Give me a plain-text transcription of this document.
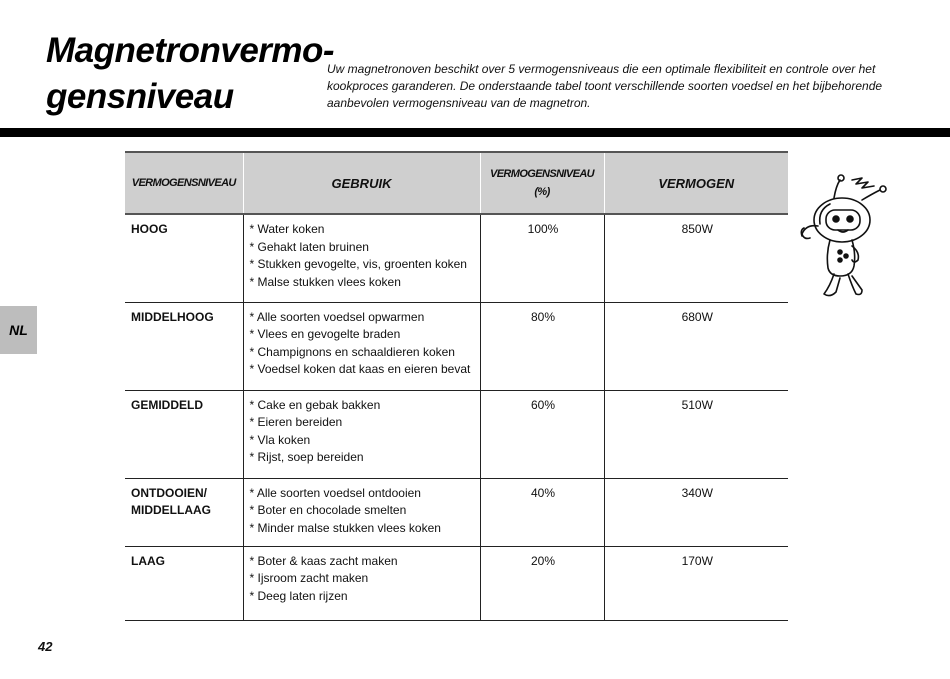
Magnetronvermo-
gensniveau
Uw magnetronoven beschikt over 5 vermogensniveaus die een optimale flexibiliteit en controle over het kookproces garanderen. De onderstaande tabel toont verschillende soorten voedsel en het bijbehorende aanbevolen vermogensniveau van de magnetron.
NL
VERMOGENSNIVEAU	GEBRUIK	VERMOGENSNIVEAU
(%)	VERMOGEN
HOOG	* Water koken
* Gehakt laten bruinen
* Stukken gevogelte, vis, groenten koken
* Malse stukken vlees koken	100%	850W
MIDDELHOOG	* Alle soorten voedsel opwarmen
* Vlees en gevogelte braden
* Champignons en schaaldieren koken
* Voedsel koken dat kaas en eieren bevat	80%	680W
GEMIDDELD	* Cake en gebak bakken
* Eieren bereiden
* Vla koken
* Rijst, soep bereiden	60%	510W
ONTDOOIEN/
MIDDELLAAG	* Alle soorten voedsel ontdooien
* Boter en chocolade smelten
* Minder malse stukken vlees koken	40%	340W
LAAG	* Boter & kaas zacht maken
* Ijsroom zacht maken
* Deeg laten rijzen	20%	170W
42
